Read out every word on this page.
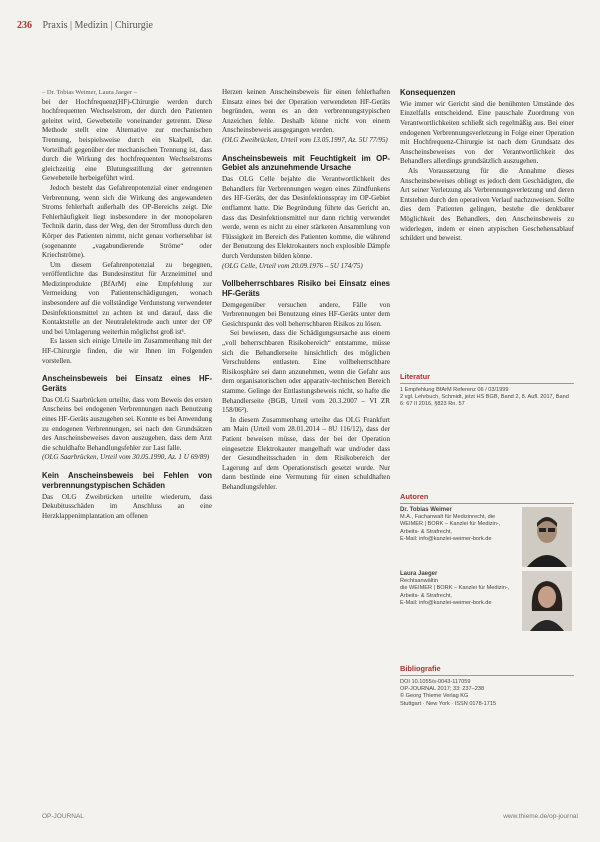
236 Praxis | Medizin | Chirurgie

– Dr. Tobias Weimer, Laura Jaeger –

bei der Hochfrequenz(HF)-Chirurgie werden durch hochfrequenten Wechselstrom, der durch den Patienten geleitet wird, Gewebeteile voneinander getrennt. Diese Methode stellt eine Alternative zur mechanischen Trennung, beispielsweise durch ein Skalpell, dar. Vorteilhaft gegenüber der mechanischen Trennung ist, dass durch die Wirkung des hochfrequenten Wechselstroms gleichzeitig eine Blutungsstillung der getrennten Gewebeteile herbeigeführt wird.

Jedoch besteht das Gefahrenpotenzial einer endogenen Verbrennung, wenn sich die Wirkung des angewandeten Stroms fehlerhaft außerhalb des OP-Bereichs zeigt. Die Fehlerhäufigkeit liegt insbesondere in der monopolaren Technik darin, dass der Weg, den der Stromfluss durch den Körper des Patienten nimmt, nicht genau vorhersehbar ist (sogenannte „vagabundierende Ströme“ oder Kriechströme).

Um diesem Gefahrenpotenzial zu begegnen, veröffentlichte das Bundesinstitut für Arzneimittel und Medizinprodukte (BfArM) eine Empfehlung zur Vermeidung von Patientenschädigungen, wonach insbesondere auf die vollständige Verdunstung verwendeter Desinfektionsmittel zu achten ist und darauf, dass die Kontaktstelle an der Neutralelektrode auch unter der OP und bei Umlagerung weiterhin möglichst groß ist¹.

Es lassen sich einige Urteile im Zusammenhang mit der HF-Chirurgie finden, die wir Ihnen im Folgenden vorstellen.

Anscheinsbeweis bei Einsatz eines HF-Geräts

Das OLG Saarbrücken urteilte, dass vom Beweis des ersten Anscheins bei endogenen Verbrennungen nach Benutzung eines HF-Geräts auszugehen sei. Konnte es bei Anwendung zu endogenen Verbrennungen, sei nach den Grundsätzen des Anscheinsbeweises davon auszugehen, dass dem Arzt die schuldhafte Behandlungsfehler zur Last falle.

(OLG Saarbrücken, Urteil vom 30.05.1990, Az. 1 U 69/89)

Kein Anscheinsbeweis bei Fehlen von verbrennungstypischen Schäden

Das OLG Zweibrücken urteilte wiederum, dass Dekubitusschäden im Anschluss an eine Herzklappenimplantation am offenen

Herzen keinen Anscheinsbeweis für einen fehlerhaften Einsatz eines bei der Operation verwendeten HF-Geräts begründen, wenn es an den verbrennungstypischen Anzeichen fehle. Deshalb könne nicht von einem Anscheinsbeweis ausgegangen werden.

(OLG Zweibrücken, Urteil vom 13.05.1997, Az. 5U 77/95)

Anscheinsbeweis mit Feuchtigkeit im OP-Gebiet als anzunehmende Ursache

Das OLG Celle bejahte die Verantwortlichkeit des Behandlers für Verbrennungen wegen eines Zündfunkens des HF-Geräts, der das Desinfektionsspray im OP-Gebiet entflammt hatte. Die Begründung führte das Gericht an, dass das Desinfektionsmittel nur dann richtig verwendet werde, wenn es nicht zu einer stärkeren Ansammlung von Flüssigkeit im Bereich des Patienten komme, die während der Benutzung des Elektrokauters noch explosible Dämpfe durch Verdunsten bilden könne.

(OLG Celle, Urteil vom 20.09.1976 – 5U 174/75)

Vollbeherrschbares Risiko bei Einsatz eines HF-Geräts

Demgegenüber versuchen andere, Fälle von Verbrennungen bei Benutzung eines HF-Geräts unter dem Gesichtspunkt des voll beherrschbaren Risikos zu lösen.

Sei bewiesen, dass die Schädigungsursache aus einem „voll beherrschbaren Risikobereich“ entstamme, müsse sich die Behandlerseite hinsichtlich des möglichen Verschuldens entlasten. Eine vollbeherrschbare Risikosphäre sei dann anzunehmen, wenn die Gefahr aus dem organisatorischen oder apparativ-technischen Bereich stamme. Gelinge der Entlastungsbeweis nicht, so hafte die Behandlerseite (BGB, Urteil vom 20.3.2007 – VI ZR 158/06²).

In diesem Zusammenhang urteilte das OLG Frankfurt am Main (Urteil vom 28.01.2014 – 8U 116/12), dass der Patient beweisen müsse, dass der bei der Operation eingesetzte Elektrokauter mangelhaft war und/oder dass der Gesundheitsschaden in dem Risikobereich der Lagerung auf dem Operationstisch gesetzt wurde. Nur dann bestünde eine Vermutung für einen schuldhaften Behandlungsfehler.

Konsequenzen

Wie immer wir Gericht sind die benühmten Umstände des Einzelfalls entscheidend. Eine pauschale Zuordnung von Verantwortlichkeiten schließt sich regelmäßig aus. Bei einer endogenen Verbrennungsverletzung in Folge einer Operation mit Hochfrequenz-Chirurgie ist nach dem Grundsatz des Anscheinsbeweises von der Verantwortlichkeit des Behandlers allerdings grundsätzlich auszugehen.

Als Voraussetzung für die Annahme dieses Anscheinsbeweises obliegt es jedoch dem Geschädigten, die Art seiner Verletzung als Verbrennungsverletzung und deren Entstehen durch den operativen Verlauf nachzuweisen. Sollte dies dem Patienten gelingen, bestehe die denkbarer Möglichkeit des Behandlers, den Anscheinsbeweis zu widerlegen, indem er einen atypischen Geschehensablauf schildert und beweist.

Literatur
1 Empfehlung BfArM Referenz 06 / 03/1999
2 vgl. Lehrbuch, Schmidt, jetzt HS BGB, Band 2, 8. Aufl. 2017, Band 6: 67 II 2016, §823 Rn. 57
Autoren
Dr. Tobias Weimer
M.A., Fachanwalt für Medizinrecht, die WEIMER | BORK – Kanzlei für Medizin-, Arbeits- & Strafrecht,
E-Mail: info@kanzlei-weimer-bork.de
Laura Jaeger
Rechtsanwältin
die WEIMER | BORK – Kanzlei für Medizin-, Arbeits- & Strafrecht,
E-Mail: info@kanzlei-weimer-bork.de
Bibliografie
DOI 10.1055/s-0043-117059
OP-JOURNAL 2017; 33: 237–238
© Georg Thieme Verlag KG
Stuttgart · New York · ISSN 0178-1715
OP-JOURNAL	www.thieme.de/op-journal
